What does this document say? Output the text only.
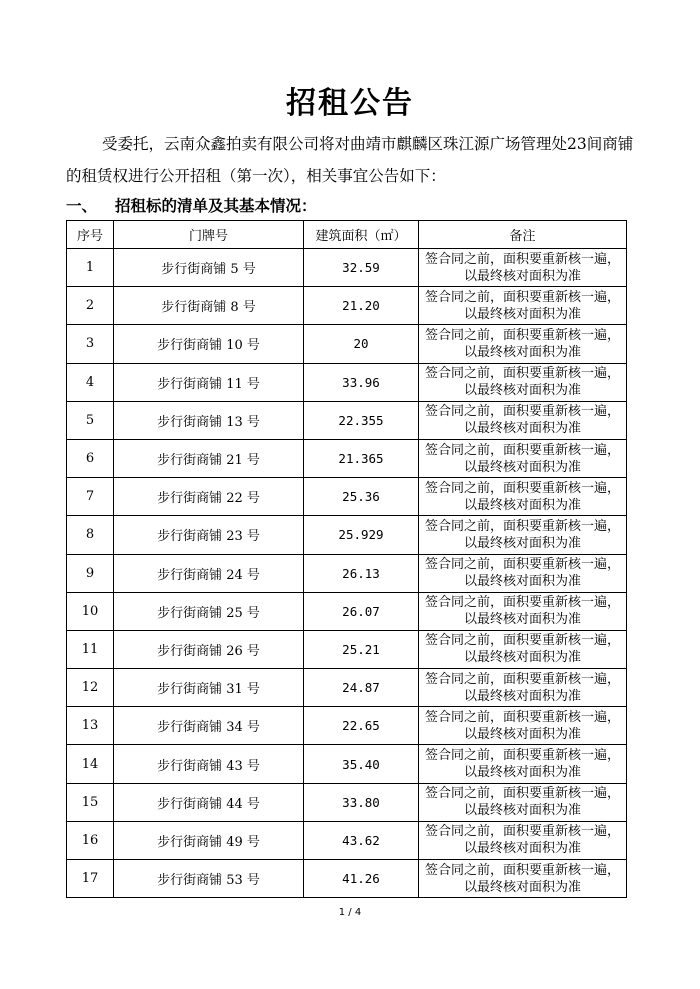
招租公告
受委托，云南众鑫拍卖有限公司将对曲靖市麒麟区珠江源广场管理处23间商铺的租赁权进行公开招租（第一次），相关事宜公告如下：
一、 招租标的清单及其基本情况：
序号	门牌号	建筑面积（㎡）	备注
1	步行街商铺 5 号	32.59	签合同之前，面积要重新核一遍，
以最终核对面积为准

2	步行街商铺 8 号	21.20	签合同之前，面积要重新核一遍，
以最终核对面积为准

3	步行街商铺 10 号	20	签合同之前，面积要重新核一遍，
以最终核对面积为准

4	步行街商铺 11 号	33.96	签合同之前，面积要重新核一遍，
以最终核对面积为准

5	步行街商铺 13 号	22.355	签合同之前，面积要重新核一遍，
以最终核对面积为准

6	步行街商铺 21 号	21.365	签合同之前，面积要重新核一遍，
以最终核对面积为准

7	步行街商铺 22 号	25.36	签合同之前，面积要重新核一遍，
以最终核对面积为准

8	步行街商铺 23 号	25.929	签合同之前，面积要重新核一遍，
以最终核对面积为准

9	步行街商铺 24 号	26.13	签合同之前，面积要重新核一遍，
以最终核对面积为准

10	步行街商铺 25 号	26.07	签合同之前，面积要重新核一遍，
以最终核对面积为准

11	步行街商铺 26 号	25.21	签合同之前，面积要重新核一遍，
以最终核对面积为准

12	步行街商铺 31 号	24.87	签合同之前，面积要重新核一遍，
以最终核对面积为准

13	步行街商铺 34 号	22.65	签合同之前，面积要重新核一遍，
以最终核对面积为准

14	步行街商铺 43 号	35.40	签合同之前，面积要重新核一遍，
以最终核对面积为准

15	步行街商铺 44 号	33.80	签合同之前，面积要重新核一遍，
以最终核对面积为准

16	步行街商铺 49 号	43.62	签合同之前，面积要重新核一遍，
以最终核对面积为准

17	步行街商铺 53 号	41.26	签合同之前，面积要重新核一遍，
以最终核对面积为准
1 / 4
